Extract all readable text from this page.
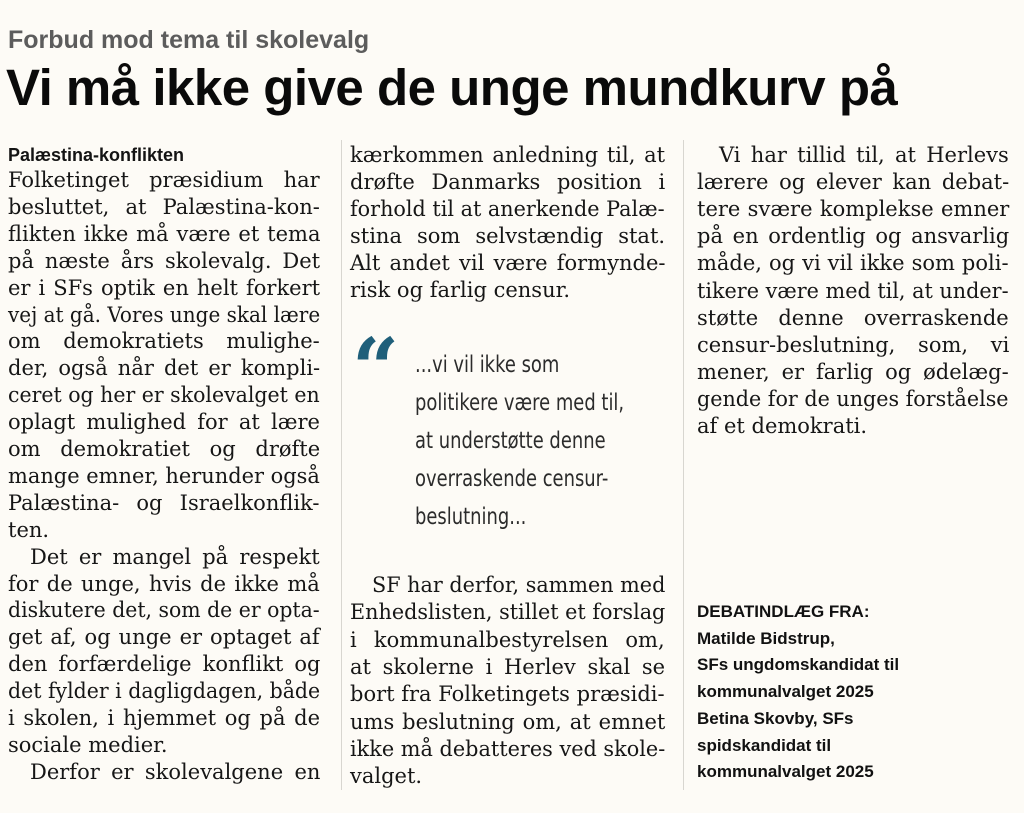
Forbud mod tema til skolevalg
Vi må ikke give de unge mundkurv på
Palæstina-konflikten
Folketinget præsidium har
besluttet, at Palæstina-kon-
flikten ikke må være et tema
på næste års skolevalg. Det
er i SFs optik en helt forkert
vej at gå. Vores unge skal lære
om demokratiets mulighe-
der, også når det er kompli-
ceret og her er skolevalget en
oplagt mulighed for at lære
om demokratiet og drøfte
mange emner, herunder også
Palæstina- og Israelkonflik-
ten.
Det er mangel på respekt
for de unge, hvis de ikke må
diskutere det, som de er opta-
get af, og unge er optaget af
den forfærdelige konflikt og
det fylder i dagligdagen, både
i skolen, i hjemmet og på de
sociale medier.
Derfor er skolevalgene en
kærkommen anledning til, at
drøfte Danmarks position i
forhold til at anerkende Palæ-
stina som selvstændig stat.
Alt andet vil være formynde-
risk og farlig censur.
“ ...vi vil ikke som
politikere være med til,
at understøtte denne
overraskende censur-
beslutning...
SF har derfor, sammen med
Enhedslisten, stillet et forslag
i kommunalbestyrelsen om,
at skolerne i Herlev skal se
bort fra Folketingets præsidi-
ums beslutning om, at emnet
ikke må debatteres ved skole-
valget.
Vi har tillid til, at Herlevs
lærere og elever kan debat-
tere svære komplekse emner
på en ordentlig og ansvarlig
måde, og vi vil ikke som poli-
tikere være med til, at under-
støtte denne overraskende
censur-beslutning, som, vi
mener, er farlig og ødelæg-
gende for de unges forståelse
af et demokrati.
DEBATINDLÆG FRA:
Matilde Bidstrup,
SFs ungdomskandidat til
kommunalvalget 2025
Betina Skovby, SFs
spidskandidat til
kommunalvalget 2025
